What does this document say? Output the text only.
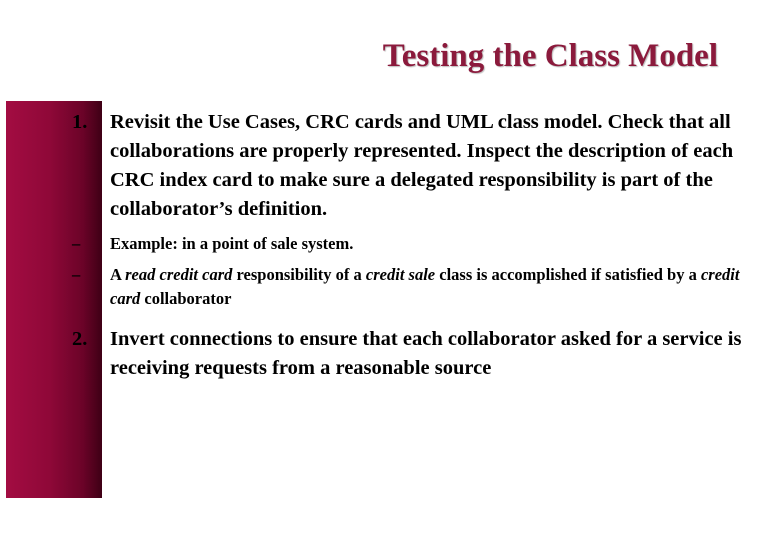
Testing the Class Model
1. Revisit the Use Cases, CRC cards and UML class model. Check that all collaborations are properly represented. Inspect the description of each CRC index card to make sure a delegated responsibility is part of the collaborator’s definition.
– Example: in a point of sale system.
– A read credit card responsibility of a credit sale class is accomplished if satisfied by a credit card collaborator
2. Invert connections to ensure that each collaborator asked for a service is receiving requests from a reasonable source
